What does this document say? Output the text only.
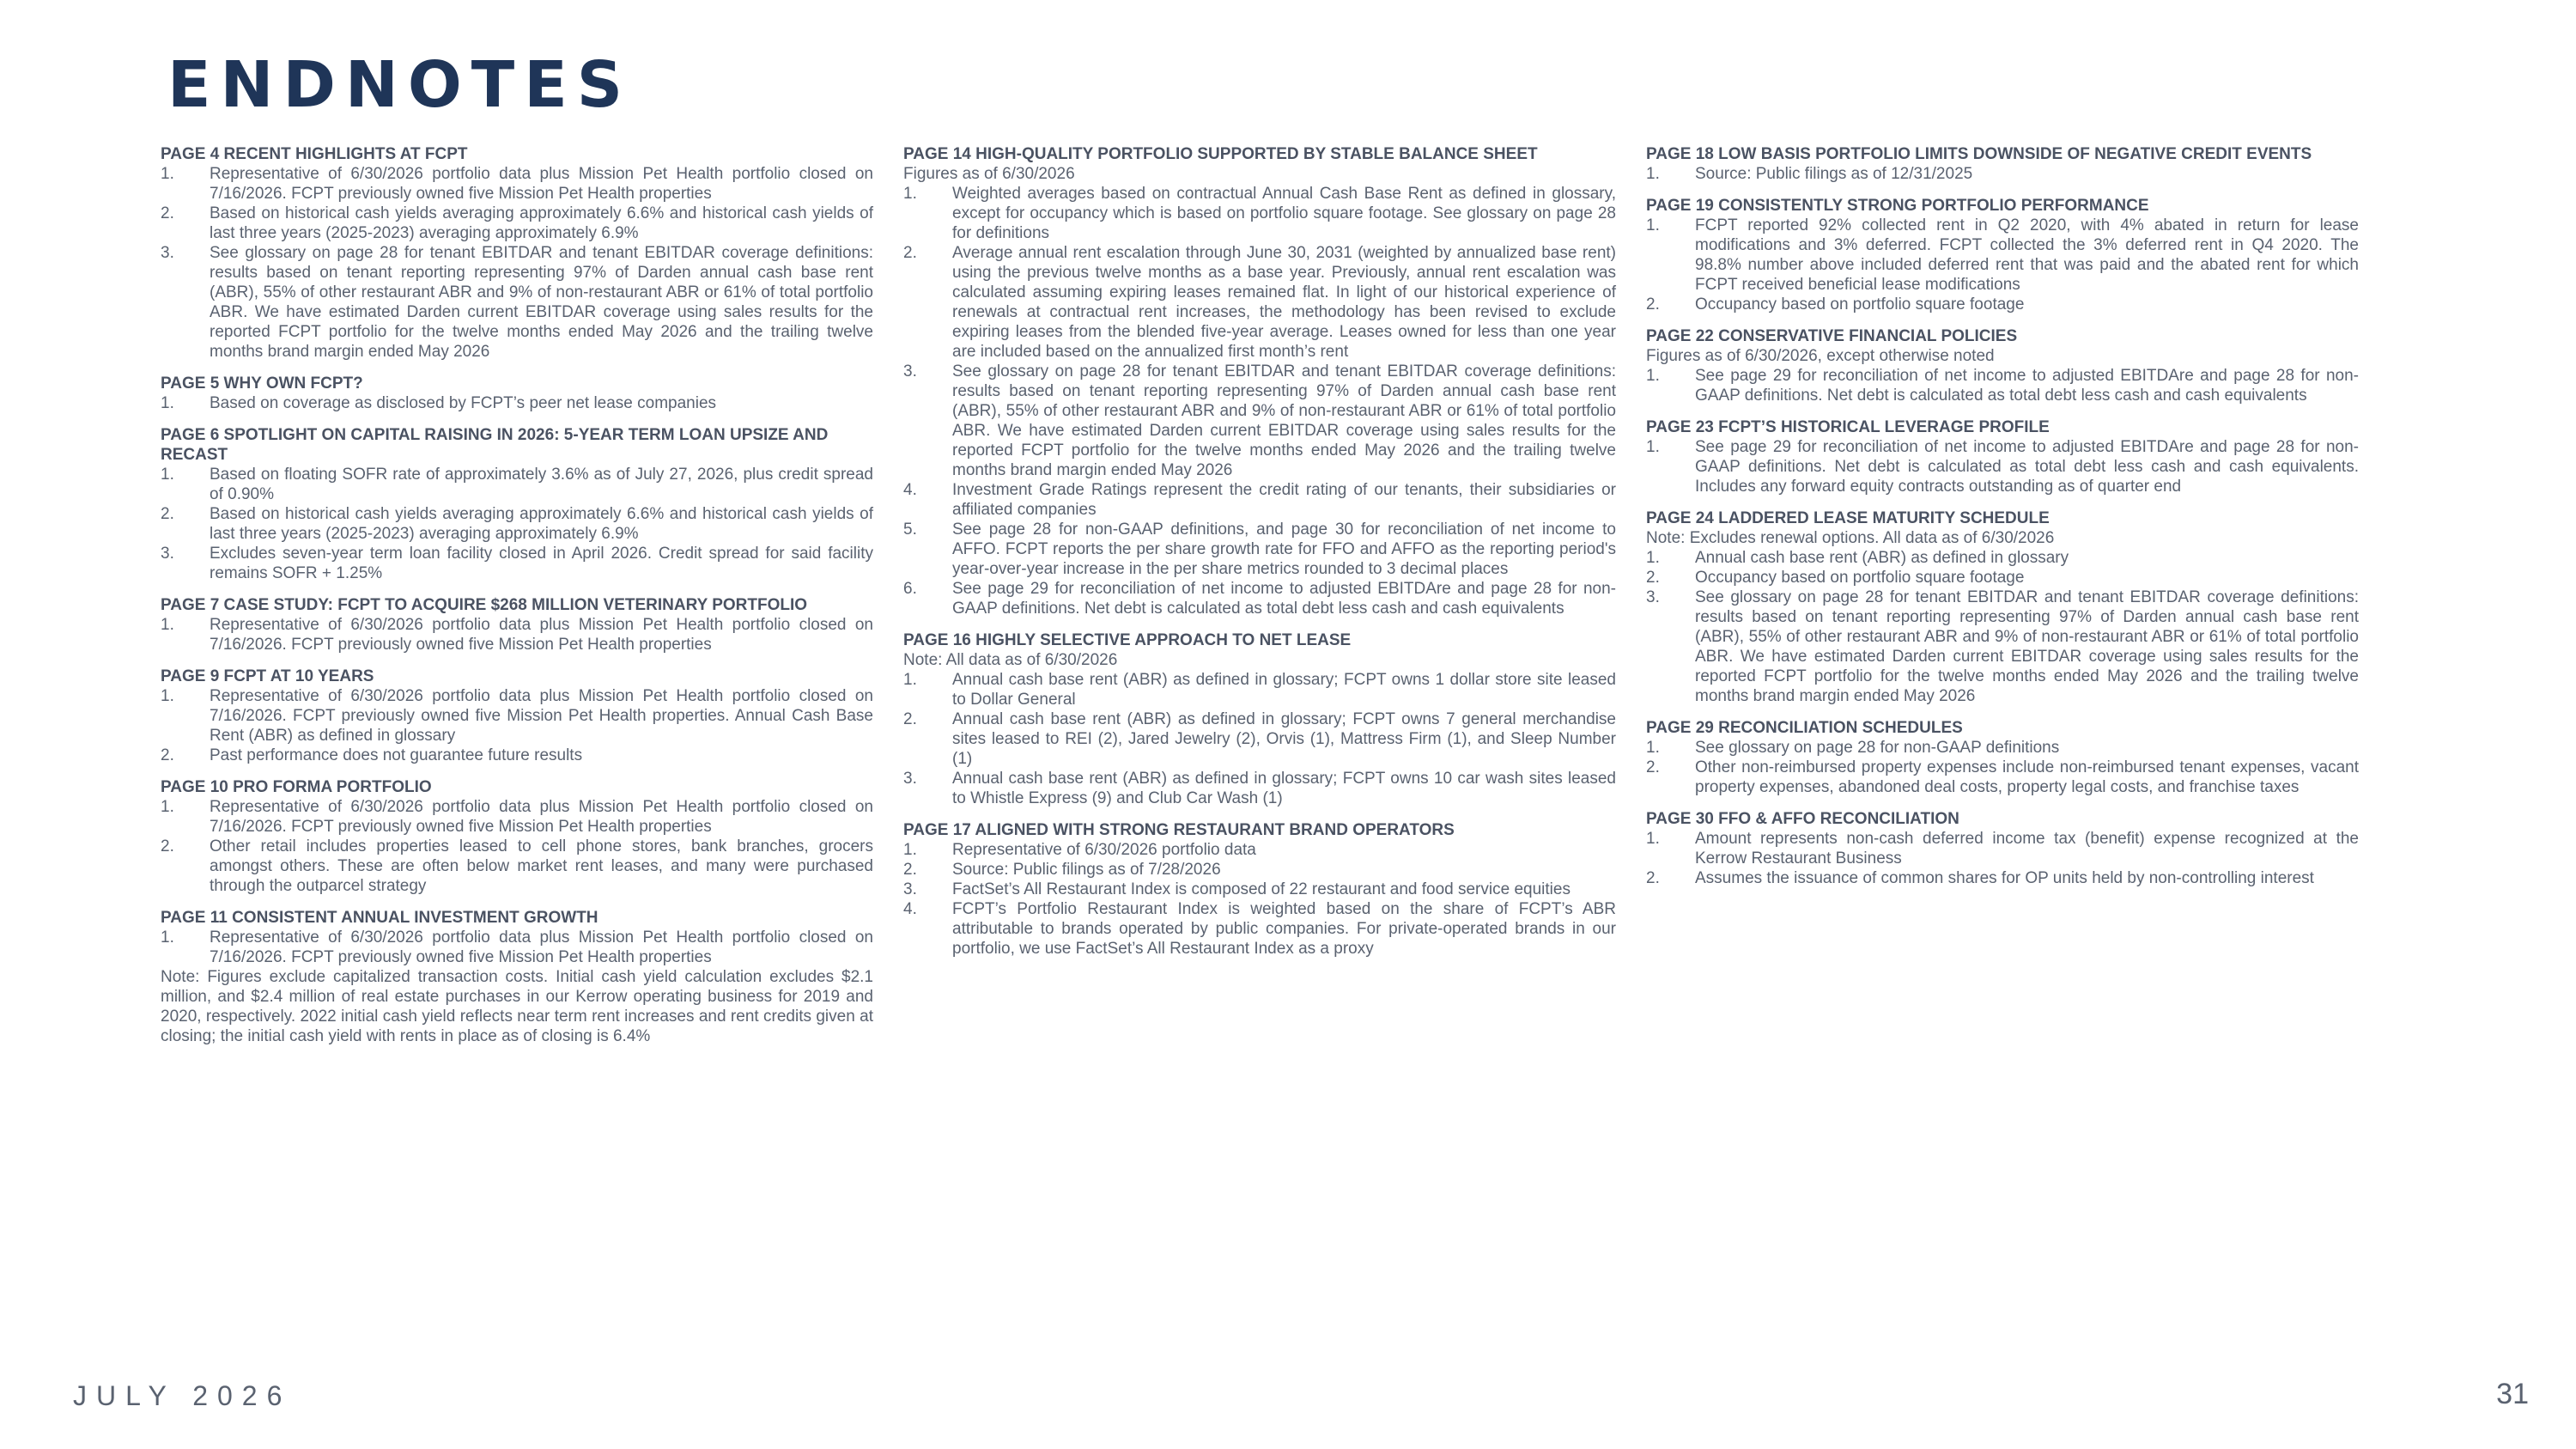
ENDNOTES
PAGE 4 RECENT HIGHLIGHTS AT FCPT
1.	Representative of 6/30/2026 portfolio data plus Mission Pet Health portfolio closed on 7/16/2026. FCPT previously owned five Mission Pet Health properties
2.	Based on historical cash yields averaging approximately 6.6% and historical cash yields of last three years (2025-2023) averaging approximately 6.9%
3.	See glossary on page 28 for tenant EBITDAR and tenant EBITDAR coverage definitions: results based on tenant reporting representing 97% of Darden annual cash base rent (ABR), 55% of other restaurant ABR and 9% of non-restaurant ABR or 61% of total portfolio ABR. We have estimated Darden current EBITDAR coverage using sales results for the reported FCPT portfolio for the twelve months ended May 2026 and the trailing twelve months brand margin ended May 2026
PAGE 5 WHY OWN FCPT?
1.	Based on coverage as disclosed by FCPT’s peer net lease companies
PAGE 6 SPOTLIGHT ON CAPITAL RAISING IN 2026: 5-YEAR TERM LOAN UPSIZE AND RECAST
1.	Based on floating SOFR rate of approximately 3.6% as of July 27, 2026, plus credit spread of 0.90%
2.	Based on historical cash yields averaging approximately 6.6% and historical cash yields of last three years (2025-2023) averaging approximately 6.9%
3.	Excludes seven-year term loan facility closed in April 2026. Credit spread for said facility remains SOFR + 1.25%
PAGE 7 CASE STUDY: FCPT TO ACQUIRE $268 MILLION VETERINARY PORTFOLIO
1.	Representative of 6/30/2026 portfolio data plus Mission Pet Health portfolio closed on 7/16/2026. FCPT previously owned five Mission Pet Health properties
PAGE 9 FCPT AT 10 YEARS
1.	Representative of 6/30/2026 portfolio data plus Mission Pet Health portfolio closed on 7/16/2026. FCPT previously owned five Mission Pet Health properties. Annual Cash Base Rent (ABR) as defined in glossary
2.	Past performance does not guarantee future results
PAGE 10 PRO FORMA PORTFOLIO
1.	Representative of 6/30/2026 portfolio data plus Mission Pet Health portfolio closed on 7/16/2026. FCPT previously owned five Mission Pet Health properties
2.	Other retail includes properties leased to cell phone stores, bank branches, grocers amongst others. These are often below market rent leases, and many were purchased through the outparcel strategy
PAGE 11 CONSISTENT ANNUAL INVESTMENT GROWTH
1.	Representative of 6/30/2026 portfolio data plus Mission Pet Health portfolio closed on 7/16/2026. FCPT previously owned five Mission Pet Health properties
Note: Figures exclude capitalized transaction costs. Initial cash yield calculation excludes $2.1 million, and $2.4 million of real estate purchases in our Kerrow operating business for 2019 and 2020, respectively. 2022 initial cash yield reflects near term rent increases and rent credits given at closing; the initial cash yield with rents in place as of closing is 6.4%
PAGE 14 HIGH-QUALITY PORTFOLIO SUPPORTED BY STABLE BALANCE SHEET
Figures as of 6/30/2026
1.	Weighted averages based on contractual Annual Cash Base Rent as defined in glossary, except for occupancy which is based on portfolio square footage. See glossary on page 28 for definitions
2.	Average annual rent escalation through June 30, 2031 (weighted by annualized base rent) using the previous twelve months as a base year. Previously, annual rent escalation was calculated assuming expiring leases remained flat. In light of our historical experience of renewals at contractual rent increases, the methodology has been revised to exclude expiring leases from the blended five-year average. Leases owned for less than one year are included based on the annualized first month’s rent
3.	See glossary on page 28 for tenant EBITDAR and tenant EBITDAR coverage definitions: results based on tenant reporting representing 97% of Darden annual cash base rent (ABR), 55% of other restaurant ABR and 9% of non-restaurant ABR or 61% of total portfolio ABR. We have estimated Darden current EBITDAR coverage using sales results for the reported FCPT portfolio for the twelve months ended May 2026 and the trailing twelve months brand margin ended May 2026
4.	Investment Grade Ratings represent the credit rating of our tenants, their subsidiaries or affiliated companies
5.	See page 28 for non-GAAP definitions, and page 30 for reconciliation of net income to AFFO. FCPT reports the per share growth rate for FFO and AFFO as the reporting period's year-over-year increase in the per share metrics rounded to 3 decimal places
6.	See page 29 for reconciliation of net income to adjusted EBITDAre and page 28 for non-GAAP definitions. Net debt is calculated as total debt less cash and cash equivalents
PAGE 16 HIGHLY SELECTIVE APPROACH TO NET LEASE
Note: All data as of 6/30/2026
1.	Annual cash base rent (ABR) as defined in glossary; FCPT owns 1 dollar store site leased to Dollar General
2.	Annual cash base rent (ABR) as defined in glossary; FCPT owns 7 general merchandise sites leased to REI (2), Jared Jewelry (2), Orvis (1), Mattress Firm (1), and Sleep Number (1)
3.	Annual cash base rent (ABR) as defined in glossary; FCPT owns 10 car wash sites leased to Whistle Express (9) and Club Car Wash (1)
PAGE 17 ALIGNED WITH STRONG RESTAURANT BRAND OPERATORS
1.	Representative of 6/30/2026 portfolio data
2.	Source: Public filings as of 7/28/2026
3.	FactSet’s All Restaurant Index is composed of 22 restaurant and food service equities
4.	FCPT’s Portfolio Restaurant Index is weighted based on the share of FCPT’s ABR attributable to brands operated by public companies. For private-operated brands in our portfolio, we use FactSet’s All Restaurant Index as a proxy
PAGE 18 LOW BASIS PORTFOLIO LIMITS DOWNSIDE OF NEGATIVE CREDIT EVENTS
1.	Source: Public filings as of 12/31/2025
PAGE 19 CONSISTENTLY STRONG PORTFOLIO PERFORMANCE
1.	FCPT reported 92% collected rent in Q2 2020, with 4% abated in return for lease modifications and 3% deferred. FCPT collected the 3% deferred rent in Q4 2020. The 98.8% number above included deferred rent that was paid and the abated rent for which FCPT received beneficial lease modifications
2.	Occupancy based on portfolio square footage
PAGE 22 CONSERVATIVE FINANCIAL POLICIES
Figures as of 6/30/2026, except otherwise noted
1.	See page 29 for reconciliation of net income to adjusted EBITDAre and page 28 for non-GAAP definitions. Net debt is calculated as total debt less cash and cash equivalents
PAGE 23 FCPT’S HISTORICAL LEVERAGE PROFILE
1.	See page 29 for reconciliation of net income to adjusted EBITDAre and page 28 for non-GAAP definitions. Net debt is calculated as total debt less cash and cash equivalents. Includes any forward equity contracts outstanding as of quarter end
PAGE 24 LADDERED LEASE MATURITY SCHEDULE
Note: Excludes renewal options. All data as of 6/30/2026
1.	Annual cash base rent (ABR) as defined in glossary
2.	Occupancy based on portfolio square footage
3.	See glossary on page 28 for tenant EBITDAR and tenant EBITDAR coverage definitions: results based on tenant reporting representing 97% of Darden annual cash base rent (ABR), 55% of other restaurant ABR and 9% of non-restaurant ABR or 61% of total portfolio ABR. We have estimated Darden current EBITDAR coverage using sales results for the reported FCPT portfolio for the twelve months ended May 2026 and the trailing twelve months brand margin ended May 2026
PAGE 29 RECONCILIATION SCHEDULES
1.	See glossary on page 28 for non-GAAP definitions
2.	Other non-reimbursed property expenses include non-reimbursed tenant expenses, vacant property expenses, abandoned deal costs, property legal costs, and franchise taxes
PAGE 30 FFO & AFFO RECONCILIATION
1.	Amount represents non-cash deferred income tax (benefit) expense recognized at the Kerrow Restaurant Business
2.	Assumes the issuance of common shares for OP units held by non-controlling interest
JULY 2026	31
